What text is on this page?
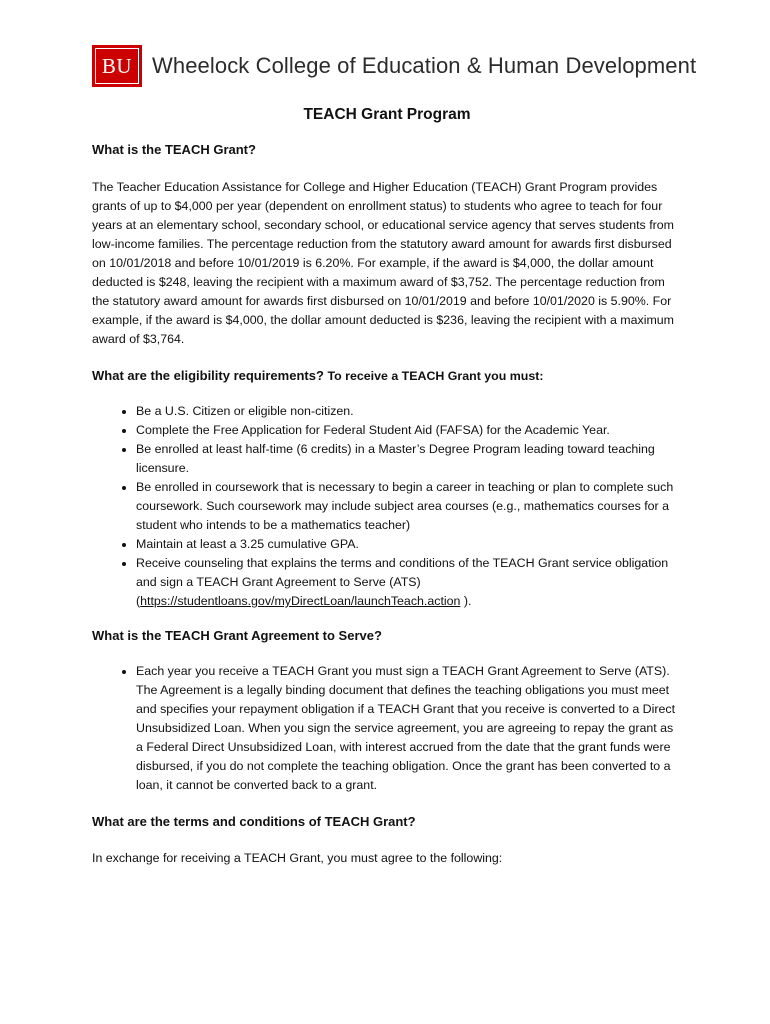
BU Wheelock College of Education & Human Development
TEACH Grant Program

What is the TEACH Grant?

The Teacher Education Assistance for College and Higher Education (TEACH) Grant Program provides grants of up to $4,000 per year (dependent on enrollment status) to students who agree to teach for four years at an elementary school, secondary school, or educational service agency that serves students from low-income families. The percentage reduction from the statutory award amount for awards first disbursed on 10/01/2018 and before 10/01/2019 is 6.20%. For example, if the award is $4,000, the dollar amount deducted is $248, leaving the recipient with a maximum award of $3,752. The percentage reduction from the statutory award amount for awards first disbursed on 10/01/2019 and before 10/01/2020 is 5.90%. For example, if the award is $4,000, the dollar amount deducted is $236, leaving the recipient with a maximum award of $3,764.

What are the eligibility requirements? To receive a TEACH Grant you must:

• Be a U.S. Citizen or eligible non-citizen.
• Complete the Free Application for Federal Student Aid (FAFSA) for the Academic Year.
• Be enrolled at least half-time (6 credits) in a Master’s Degree Program leading toward teaching licensure.
• Be enrolled in coursework that is necessary to begin a career in teaching or plan to complete such coursework. Such coursework may include subject area courses (e.g., mathematics courses for a student who intends to be a mathematics teacher)
• Maintain at least a 3.25 cumulative GPA.
• Receive counseling that explains the terms and conditions of the TEACH Grant service obligation and sign a TEACH Grant Agreement to Serve (ATS) (https://studentloans.gov/myDirectLoan/launchTeach.action ).

What is the TEACH Grant Agreement to Serve?

• Each year you receive a TEACH Grant you must sign a TEACH Grant Agreement to Serve (ATS). The Agreement is a legally binding document that defines the teaching obligations you must meet and specifies your repayment obligation if a TEACH Grant that you receive is converted to a Direct Unsubsidized Loan. When you sign the service agreement, you are agreeing to repay the grant as a Federal Direct Unsubsidized Loan, with interest accrued from the date that the grant funds were disbursed, if you do not complete the teaching obligation. Once the grant has been converted to a loan, it cannot be converted back to a grant.

What are the terms and conditions of TEACH Grant?

In exchange for receiving a TEACH Grant, you must agree to the following:
